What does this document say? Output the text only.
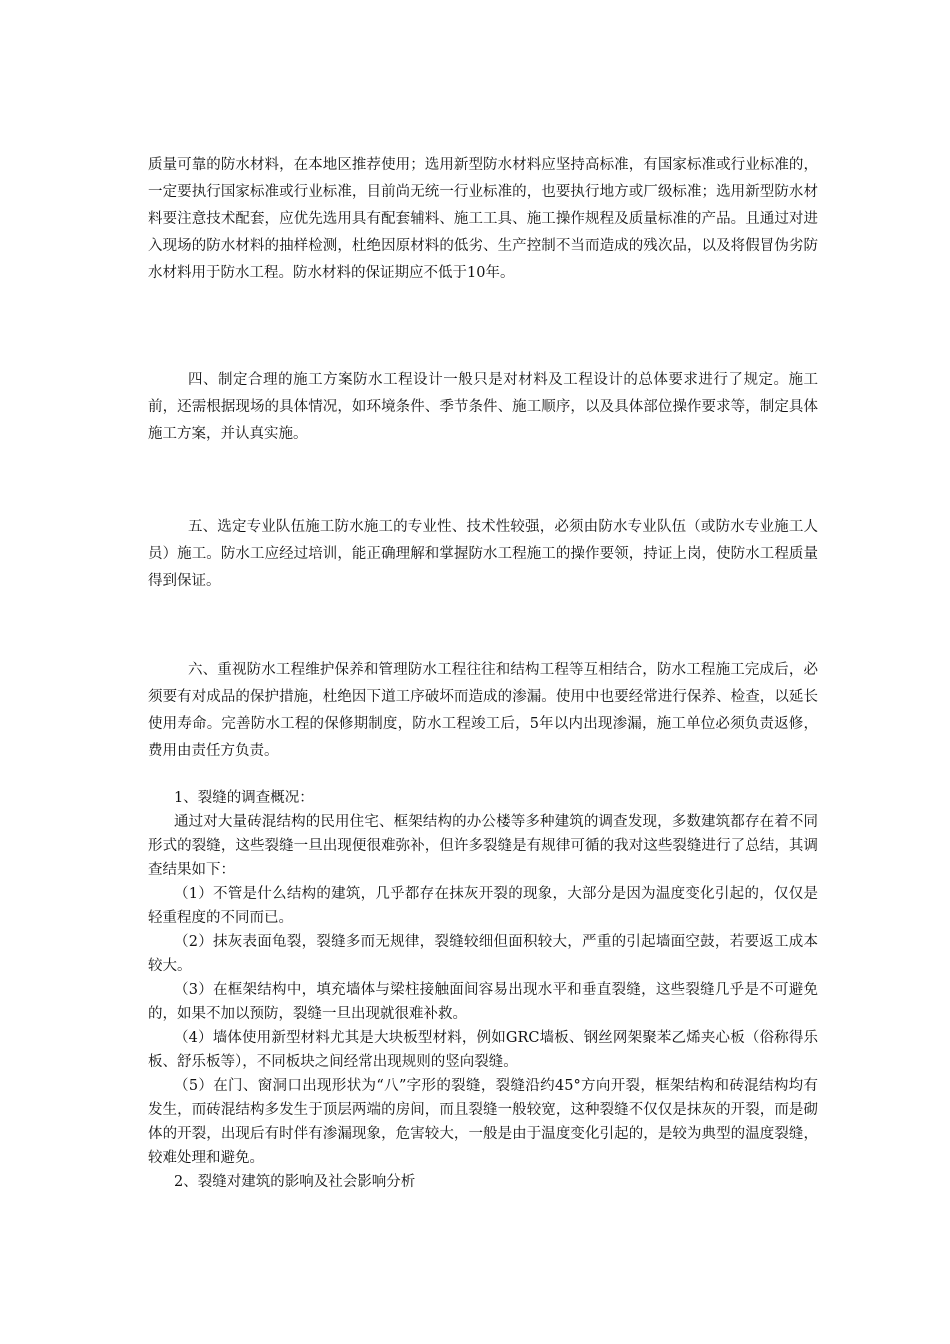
质量可靠的防水材料，在本地区推荐使用；选用新型防水材料应坚持高标准，有国家标准或行业标准的，一定要执行国家标准或行业标准，目前尚无统一行业标准的，也要执行地方或厂级标准；选用新型防水材料要注意技术配套，应优先选用具有配套辅料、施工工具、施工操作规程及质量标准的产品。且通过对进入现场的防水材料的抽样检测，杜绝因原材料的低劣、生产控制不当而造成的残次品，以及将假冒伪劣防水材料用于防水工程。防水材料的保证期应不低于10年。

四、制定合理的施工方案防水工程设计一般只是对材料及工程设计的总体要求进行了规定。施工前，还需根据现场的具体情况，如环境条件、季节条件、施工顺序，以及具体部位操作要求等，制定具体施工方案，并认真实施。

五、选定专业队伍施工防水施工的专业性、技术性较强，必须由防水专业队伍（或防水专业施工人员）施工。防水工应经过培训，能正确理解和掌握防水工程施工的操作要领，持证上岗，使防水工程质量得到保证。

六、重视防水工程维护保养和管理防水工程往往和结构工程等互相结合，防水工程施工完成后，必须要有对成品的保护措施，杜绝因下道工序破坏而造成的渗漏。使用中也要经常进行保养、检查，以延长使用寿命。完善防水工程的保修期制度，防水工程竣工后，5年以内出现渗漏，施工单位必须负责返修，费用由责任方负责。

1、裂缝的调查概况：

通过对大量砖混结构的民用住宅、框架结构的办公楼等多种建筑的调查发现，多数建筑都存在着不同形式的裂缝，这些裂缝一旦出现便很难弥补，但许多裂缝是有规律可循的我对这些裂缝进行了总结，其调查结果如下：

（1）不管是什么结构的建筑，几乎都存在抹灰开裂的现象，大部分是因为温度变化引起的，仅仅是轻重程度的不同而已。

（2）抹灰表面龟裂，裂缝多而无规律，裂缝较细但面积较大，严重的引起墙面空鼓，若要返工成本较大。

（3）在框架结构中，填充墙体与梁柱接触面间容易出现水平和垂直裂缝，这些裂缝几乎是不可避免的，如果不加以预防，裂缝一旦出现就很难补救。

（4）墙体使用新型材料尤其是大块板型材料，例如GRC墙板、钢丝网架聚苯乙烯夹心板（俗称得乐板、舒乐板等），不同板块之间经常出现规则的竖向裂缝。

（5）在门、窗洞口出现形状为“八”字形的裂缝，裂缝沿约45°方向开裂，框架结构和砖混结构均有发生，而砖混结构多发生于顶层两端的房间，而且裂缝一般较宽，这种裂缝不仅仅是抹灰的开裂，而是砌体的开裂，出现后有时伴有渗漏现象，危害较大，一般是由于温度变化引起的，是较为典型的温度裂缝，较难处理和避免。

2、裂缝对建筑的影响及社会影响分析
